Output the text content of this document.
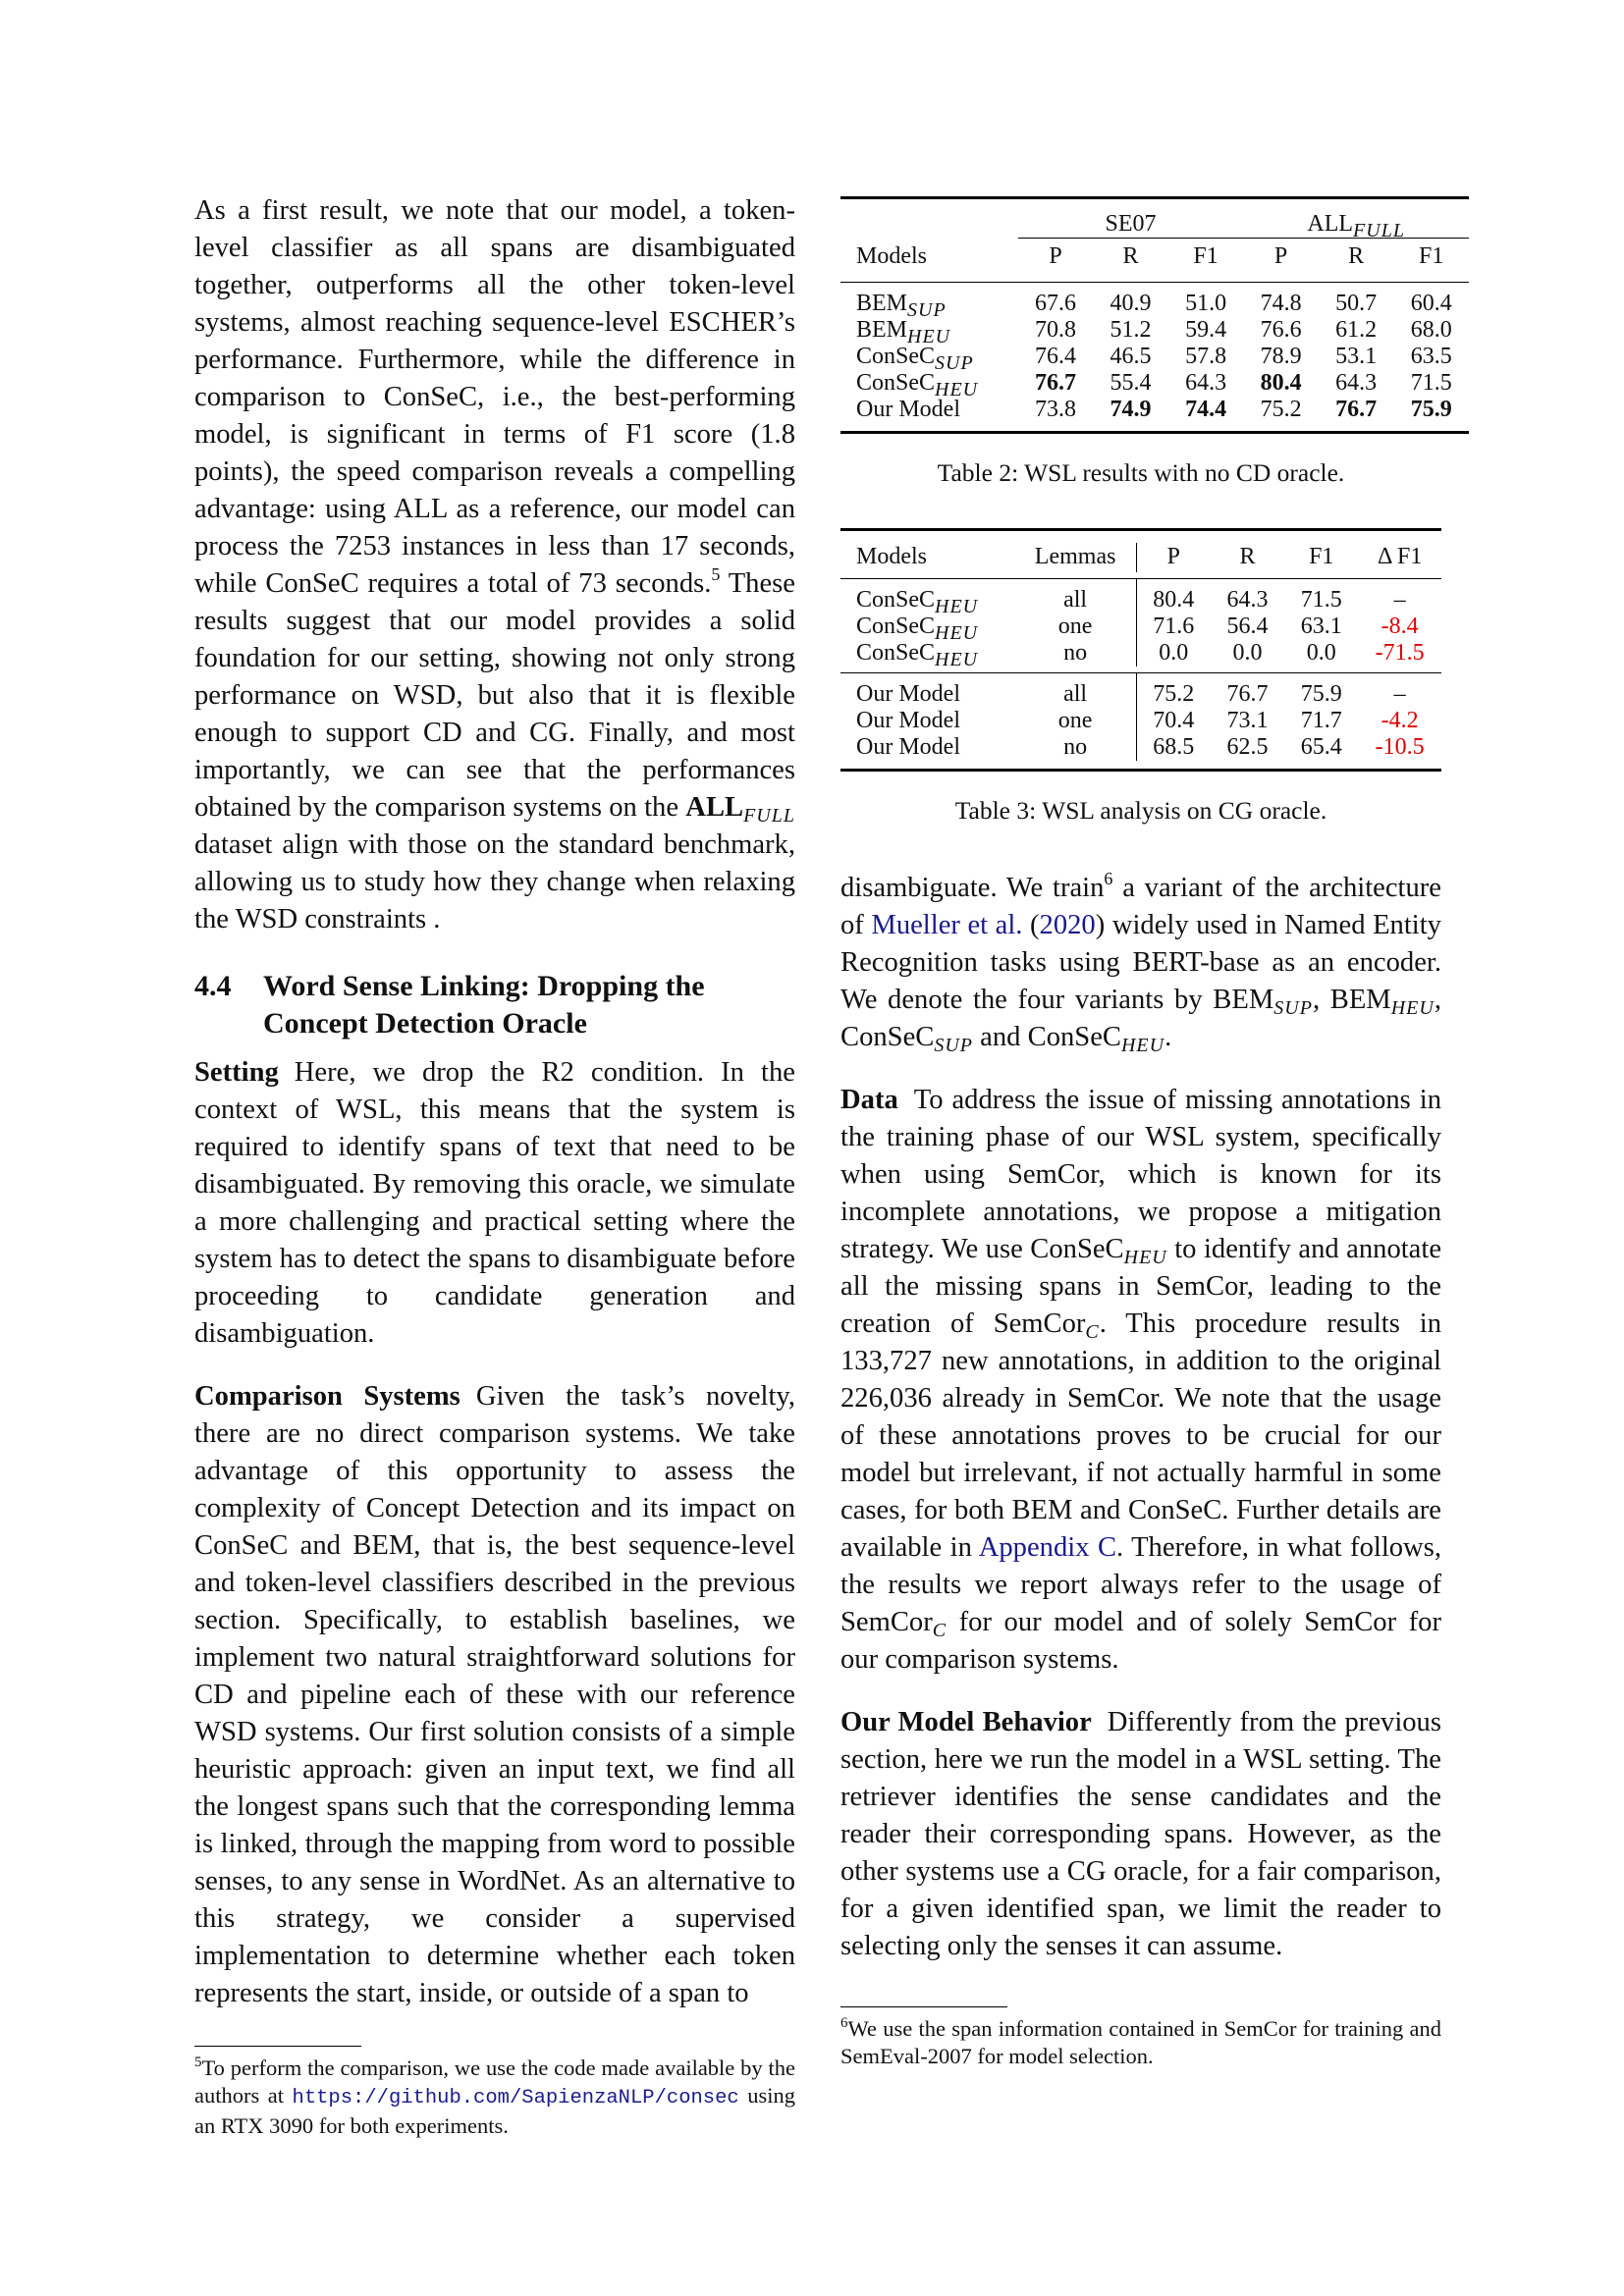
As a first result, we note that our model, a token-level classifier as all spans are disambiguated together, outperforms all the other token-level systems, almost reaching sequence-level ESCHER’s performance. Furthermore, while the difference in comparison to ConSeC, i.e., the best-performing model, is significant in terms of F1 score (1.8 points), the speed comparison reveals a compelling advantage: using ALL as a reference, our model can process the 7253 instances in less than 17 seconds, while ConSeC requires a total of 73 seconds.$^5$ These results suggest that our model provides a solid foundation for our setting, showing not only strong performance on WSD, but also that it is flexible enough to support CD and CG. Finally, and most importantly, we can see that the performances obtained by the comparison systems on the $ALL_{FULL}$ dataset align with those on the standard benchmark, allowing us to study how they change when relaxing the WSD constraints .

4.4	Word Sense Linking: Dropping the Concept Detection Oracle

Setting Here, we drop the R2 condition. In the context of WSL, this means that the system is required to identify spans of text that need to be disambiguated. By removing this oracle, we simulate a more challenging and practical setting where the system has to detect the spans to disambiguate before proceeding to candidate generation and disambiguation.

Comparison Systems Given the task’s novelty, there are no direct comparison systems. We take advantage of this opportunity to assess the complexity of Concept Detection and its impact on ConSeC and BEM, that is, the best sequence-level and token-level classifiers described in the previous section. Specifically, to establish baselines, we implement two natural straightforward solutions for CD and pipeline each of these with our reference WSD systems. Our first solution consists of a simple heuristic approach: given an input text, we find all the longest spans such that the corresponding lemma is linked, through the mapping from word to possible senses, to any sense in WordNet. As an alternative to this strategy, we consider a supervised implementation to determine whether each token represents the start, inside, or outside of a span to

$^5$To perform the comparison, we use the code made available by the authors at https://github.com/SapienzaNLP/consec using an RTX 3090 for both experiments.

	SE07			$ALL_{FULL}$
Models	P	R	F1	P	R	F1

$BEM_{SUP}$	67.6	40.9	51.0	74.8	50.7	60.4
$BEM_{HEU}$	70.8	51.2	59.4	76.6	61.2	68.0
ConSeC$_{SUP}$	76.4	46.5	57.8	78.9	53.1	63.5
ConSeC$_{HEU}$	76.7	55.4	64.3	80.4	64.3	71.5
Our Model	73.8	74.9	74.4	75.2	76.7	75.9

Table 2: WSL results with no CD oracle.

Models	Lemmas	P	R	F1	Δ F1

ConSeC$_{HEU}$	all	80.4	64.3	71.5	–
ConSeC$_{HEU}$	one	71.6	56.4	63.1	-8.4
ConSeC$_{HEU}$	no	0.0	0.0	0.0	-71.5

Our Model	all	75.2	76.7	75.9	–
Our Model	one	70.4	73.1	71.7	-4.2
Our Model	no	68.5	62.5	65.4	-10.5

Table 3: WSL analysis on CG oracle.

disambiguate. We train$^6$ a variant of the architecture of Mueller et al. (2020) widely used in Named Entity Recognition tasks using BERT-base as an encoder. We denote the four variants by $BEM_{SUP}$, $BEM_{HEU}$, ConSeC$_{SUP}$ and ConSeC$_{HEU}$.

Data To address the issue of missing annotations in the training phase of our WSL system, specifically when using SemCor, which is known for its incomplete annotations, we propose a mitigation strategy. We use ConSeC$_{HEU}$ to identify and annotate all the missing spans in SemCor, leading to the creation of SemCor$_C$. This procedure results in 133,727 new annotations, in addition to the original 226,036 already in SemCor. We note that the usage of these annotations proves to be crucial for our model but irrelevant, if not actually harmful in some cases, for both BEM and ConSeC. Further details are available in Appendix C. Therefore, in what follows, the results we report always refer to the usage of SemCor$_C$ for our model and of solely SemCor for our comparison systems.

Our Model Behavior Differently from the previous section, here we run the model in a WSL setting. The retriever identifies the sense candidates and the reader their corresponding spans. However, as the other systems use a CG oracle, for a fair comparison, for a given identified span, we limit the reader to selecting only the senses it can assume.

$^6$We use the span information contained in SemCor for training and SemEval-2007 for model selection.
